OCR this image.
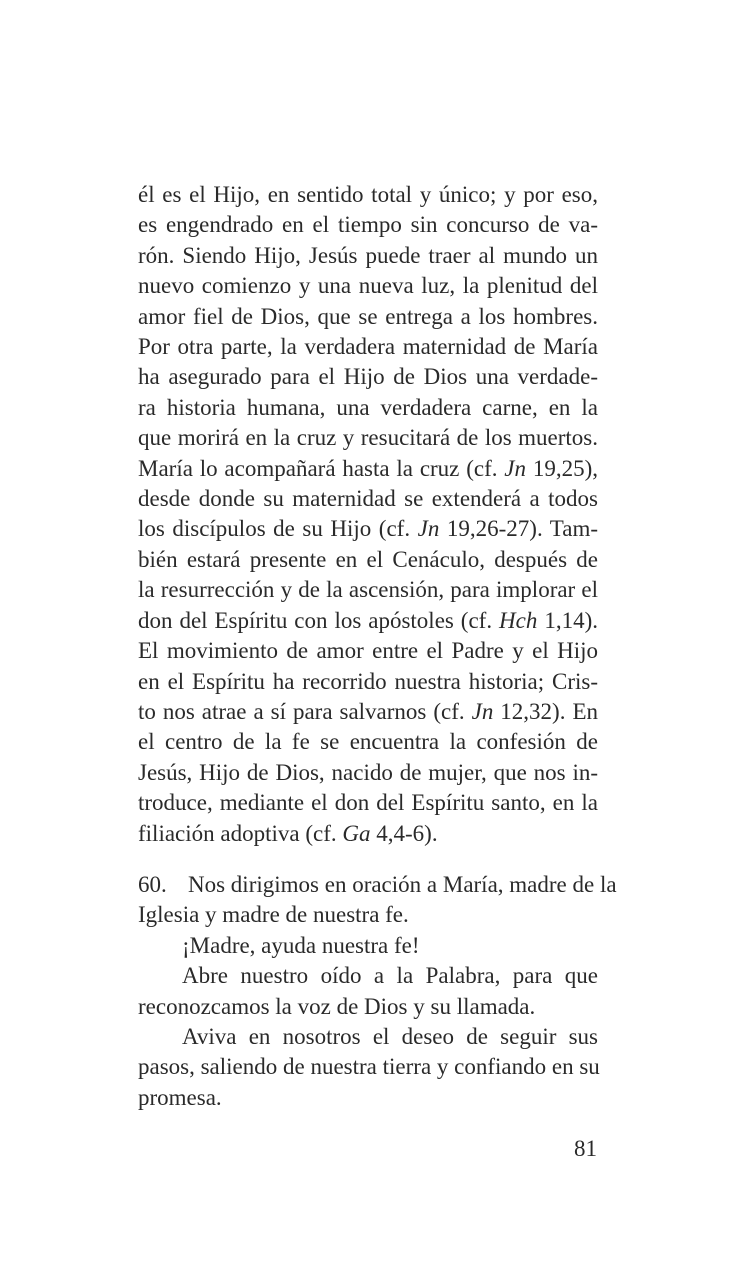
él es el Hijo, en sentido total y único; y por eso,
es engendrado en el tiempo sin concurso de va-
rón. Siendo Hijo, Jesús puede traer al mundo un
nuevo comienzo y una nueva luz, la plenitud del
amor fiel de Dios, que se entrega a los hombres.
Por otra parte, la verdadera maternidad de María
ha asegurado para el Hijo de Dios una verdade-
ra historia humana, una verdadera carne, en la
que morirá en la cruz y resucitará de los muertos.
María lo acompañará hasta la cruz (cf. Jn 19,25),
desde donde su maternidad se extenderá a todos
los discípulos de su Hijo (cf. Jn 19,26-27). Tam-
bién estará presente en el Cenáculo, después de
la resurrección y de la ascensión, para implorar el
don del Espíritu con los apóstoles (cf. Hch 1,14).
El movimiento de amor entre el Padre y el Hijo
en el Espíritu ha recorrido nuestra historia; Cris-
to nos atrae a sí para salvarnos (cf. Jn 12,32). En
el centro de la fe se encuentra la confesión de
Jesús, Hijo de Dios, nacido de mujer, que nos in-
troduce, mediante el don del Espíritu santo, en la
filiación adoptiva (cf. Ga 4,4-6).
60. Nos dirigimos en oración a María, madre de la
Iglesia y madre de nuestra fe.
¡Madre, ayuda nuestra fe!
Abre nuestro oído a la Palabra, para que
reconozcamos la voz de Dios y su llamada.
Aviva en nosotros el deseo de seguir sus
pasos, saliendo de nuestra tierra y confiando en su
promesa.
81
